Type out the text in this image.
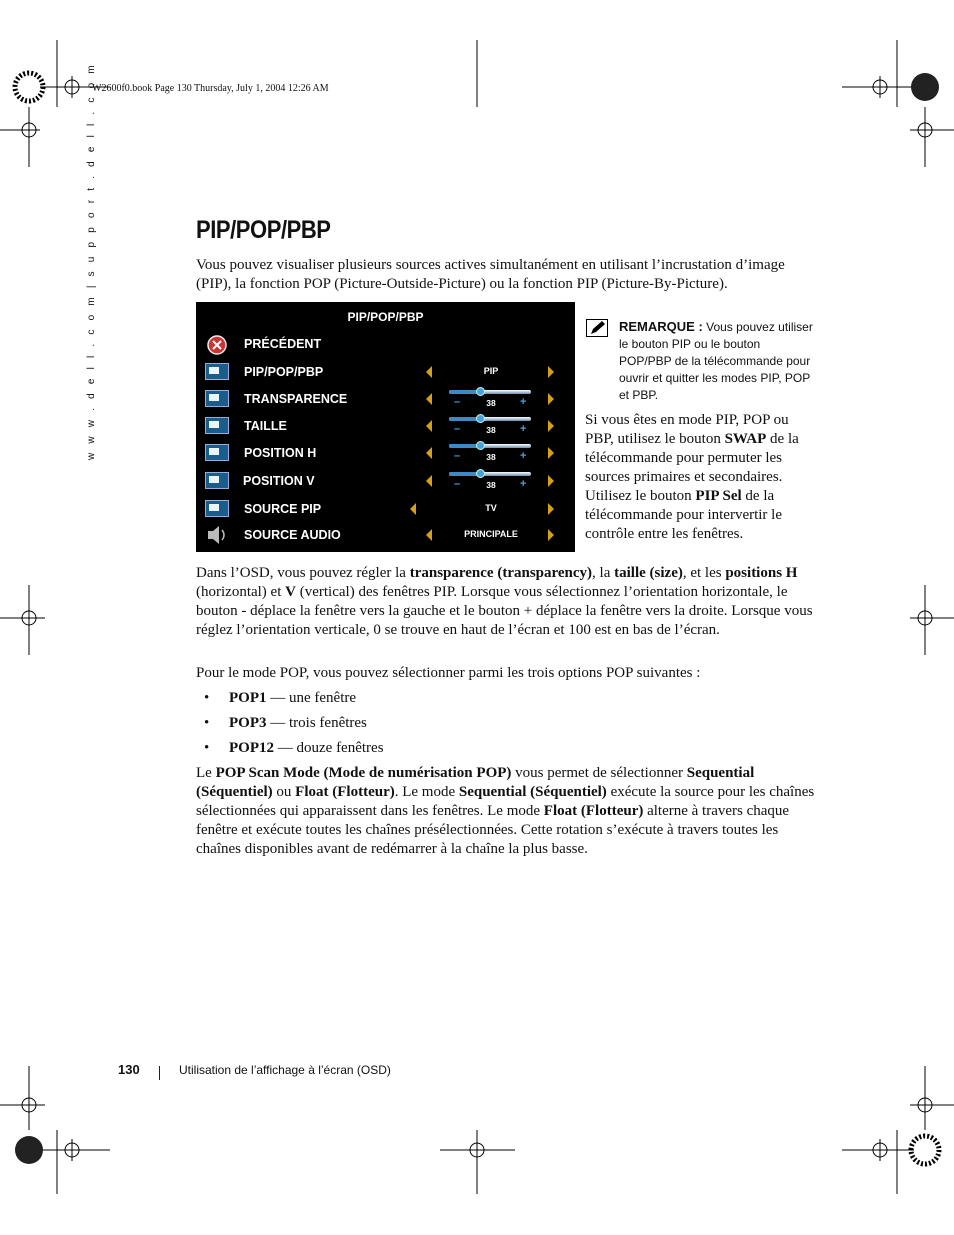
W2600f0.book Page 130 Thursday, July 1, 2004 12:26 AM
w w w . d e l l . c o m | s u p p o r t . d e l l . c o m	PIP/POP/PBP
Vous pouvez visualiser plusieurs sources actives simultanément en utilisant l’incrustation d’image (PIP), la fonction POP (Picture-Outside-Picture) ou la fonction PIP (Picture-By-Picture).
PIP/POP/PBP
PRÉCÉDENT
PIP/POP/PBP	PIP
TRANSPARENCE	–	38	+
TAILLE	–	38	+
POSITION H	–	38	+
POSITION V	–	38	+
SOURCE PIP	TV
SOURCE AUDIO	PRINCIPALE
REMARQUE : Vous pouvez utiliser le bouton PIP ou le bouton POP/PBP de la télécommande pour ouvrir et quitter les modes PIP, POP et PBP.
Si vous êtes en mode PIP, POP ou PBP, utilisez le bouton SWAP de la télécommande pour permuter les sources primaires et secondaires. Utilisez le bouton PIP Sel de la télécommande pour intervertir le contrôle entre les fenêtres.
Dans l’OSD, vous pouvez régler la transparence (transparency), la taille (size), et les positions H (horizontal) et V (vertical) des fenêtres PIP. Lorsque vous sélectionnez l’orientation horizontale, le bouton - déplace la fenêtre vers la gauche et le bouton + déplace la fenêtre vers la droite. Lorsque vous réglez l’orientation verticale, 0 se trouve en haut de l’écran et 100 est en bas de l’écran.
Pour le mode POP, vous pouvez sélectionner parmi les trois options POP suivantes :
• POP1 — une fenêtre
• POP3 — trois fenêtres
• POP12 — douze fenêtres
Le POP Scan Mode (Mode de numérisation POP) vous permet de sélectionner Sequential (Séquentiel) ou Float (Flotteur). Le mode Sequential (Séquentiel) exécute la source pour les chaînes sélectionnées qui apparaissent dans les fenêtres. Le mode Float (Flotteur) alterne à travers chaque fenêtre et exécute toutes les chaînes présélectionnées. Cette rotation s’exécute à travers toutes les chaînes disponibles avant de redémarrer à la chaîne la plus basse.
130	Utilisation de l’affichage à l’écran (OSD)
